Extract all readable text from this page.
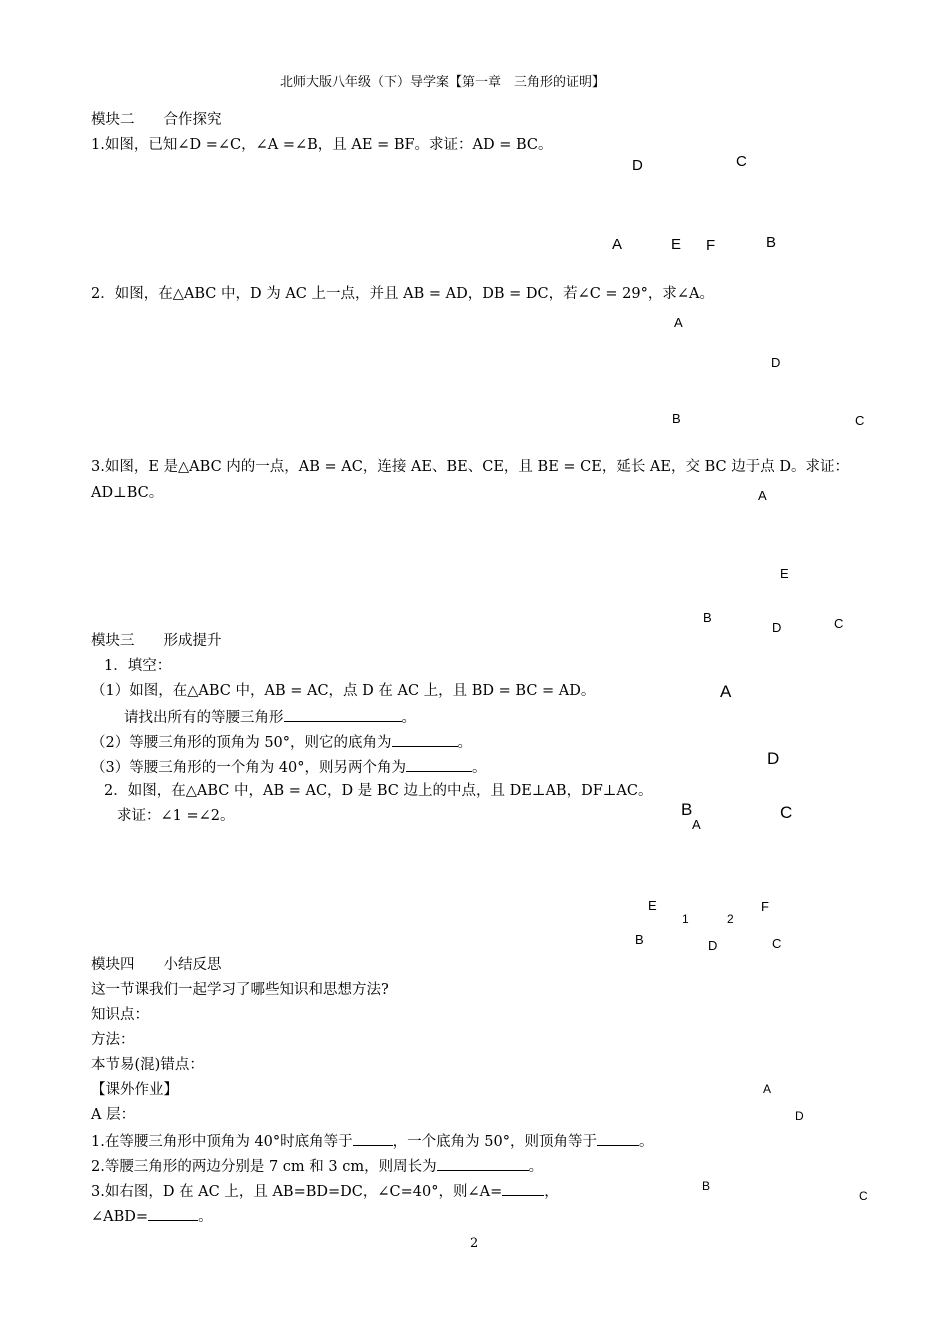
北师大版八年级（下）导学案【第一章　三角形的证明】
模块二　　合作探究
1.如图，已知∠D =∠C，∠A =∠B，且 AE = BF。求证：AD = BC。
D	C
A	E F	B
2．如图，在△ABC 中，D 为 AC 上一点，并且 AB = AD，DB = DC，若∠C = 29°，求∠A。
A
D
B	C
3.如图，E 是△ABC 内的一点，AB = AC，连接 AE、BE、CE，且 BE = CE，延长 AE，交 BC 边于点 D。求证：
AD⊥BC。	A
E
B
D	C
模块三　　形成提升
1．填空：
（1）如图，在△ABC 中，AB = AC，点 D 在 AC 上，且 BD = BC = AD。
请找出所有的等腰三角形	。
（2）等腰三角形的顶角为 50°，则它的底角为	。
（3）等腰三角形的一个角为 40°，则另两个角为	。
2．如图，在△ABC 中，AB = AC，D 是 BC 边上的中点，且 DE⊥AB，DF⊥AC。
求证：∠1 =∠2。
A
D
B	C
A
E
1	2
F
B	D	C
模块四　　小结反思
这一节课我们一起学习了哪些知识和思想方法?
知识点：
方法：
本节易(混)错点：
【课外作业】
A 层：
1.在等腰三角形中顶角为 40°时底角等于	，一个底角为 50°，则顶角等于	。
2.等腰三角形的两边分别是 7 cm 和 3 cm，则周长为	。
3.如右图，D 在 AC 上，且 AB=BD=DC，∠C=40°，则∠A=	，
∠ABD=	。
A
D
B
C
2
